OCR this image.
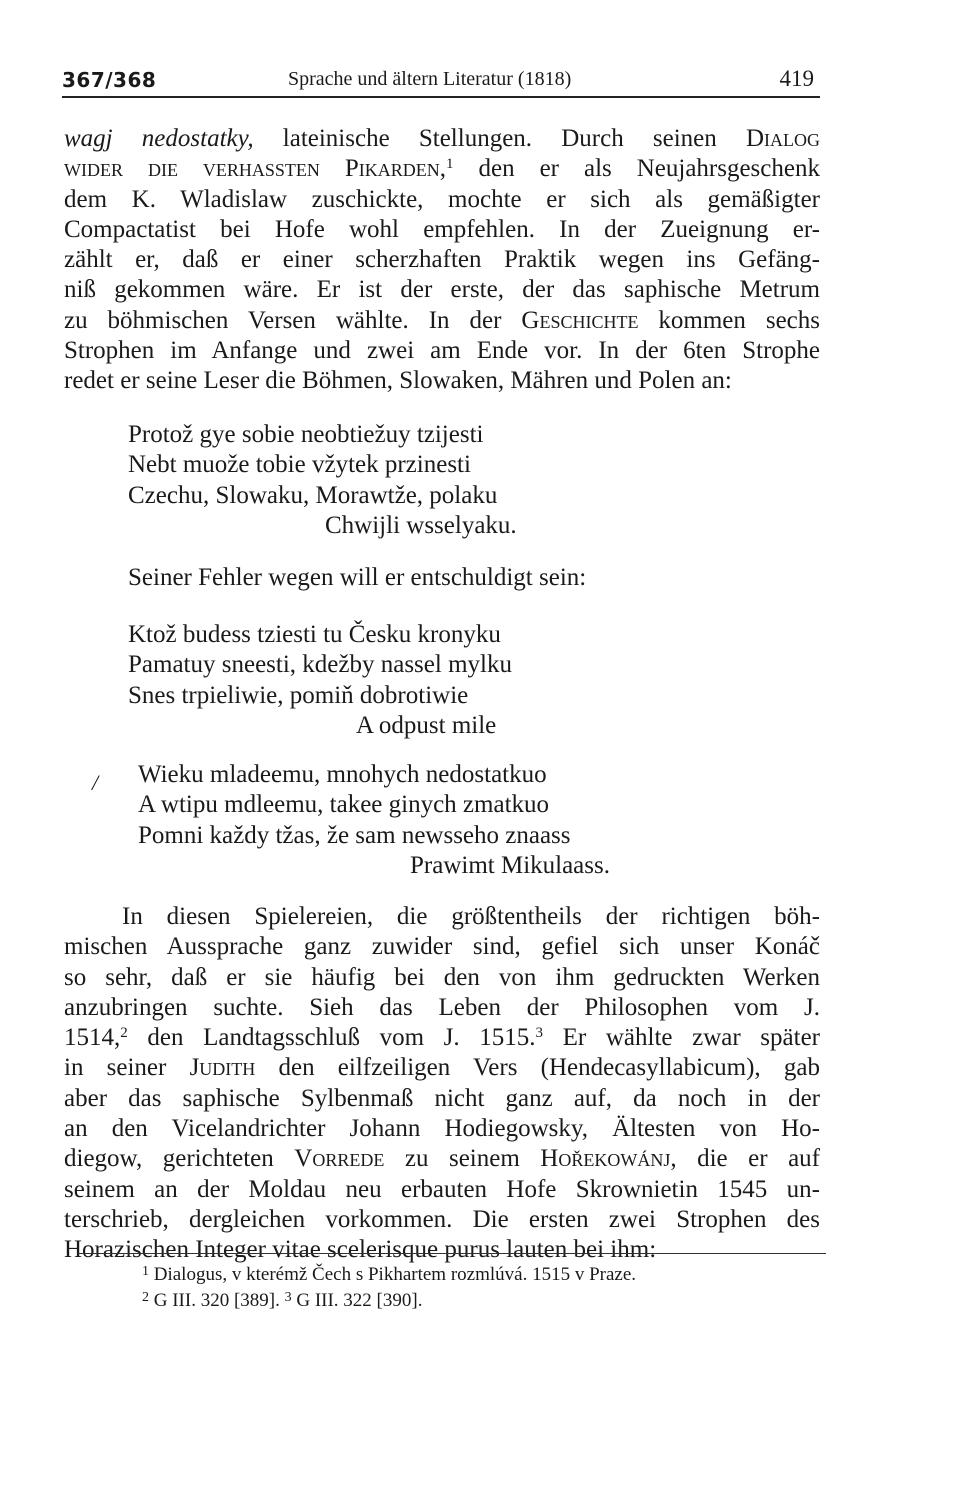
367/368	Sprache und ältern Literatur (1818)	419
wagj nedostatky, lateinische Stellungen. Durch seinen Dialog
wider die verhaßten Pikarden,$^1$ den er als Neujahrsgeschenk
dem K. Wladislaw zuschickte, mochte er sich als gemäßigter
Compactatist bei Hofe wohl empfehlen. In der Zueignung er-
zählt er, daß er einer scherzhaften Praktik wegen ins Gefäng-
niß gekommen wäre. Er ist der erste, der das saphische Metrum
zu böhmischen Versen wählte. In der Geschichte kommen sechs
Strophen im Anfange und zwei am Ende vor. In der 6ten Strophe
redet er seine Leser die Böhmen, Slowaken, Mähren und Polen an:
Protož gye sobie neobtiežuy tzijesti
Nebt muože tobie vžytek przinesti
Czechu, Slowaku, Morawtže, polaku
Chwijli wsselyaku.
Seiner Fehler wegen will er entschuldigt sein:
Ktož budess tziesti tu Česku kronyku
Pamatuy sneesti, kdežby nassel mylku
Snes trpieliwie, pomiň dobrotiwie
A odpust mile
/ Wieku mladeemu, mnohych nedostatkuo
A wtipu mdleemu, takee ginych zmatkuo
Pomni každy tžas, že sam newsseho znaass
Prawimt Mikulaass.
In diesen Spielereien, die größtentheils der richtigen böh-
mischen Aussprache ganz zuwider sind, gefiel sich unser Konáč
so sehr, daß er sie häufig bei den von ihm gedruckten Werken
anzubringen suchte. Sieh das Leben der Philosophen vom J.
1514,$^2$ den Landtagsschluß vom J. 1515.$^3$ Er wählte zwar später
in seiner Judith den eilfzeiligen Vers (Hendecasyllabicum), gab
aber das saphische Sylbenmaß nicht ganz auf, da noch in der
an den Vicelandrichter Johann Hodiegowsky, Ältesten von Ho-
diegow, gerichteten Vorrede zu seinem Hořekowánj, die er auf
seinem an der Moldau neu erbauten Hofe Skrownietin 1545 un-
terschrieb, dergleichen vorkommen. Die ersten zwei Strophen des
Horazischen Integer vitae scelerisque purus lauten bei ihm:
$^1$ Dialogus, v kterémž Čech s Pikhartem rozmlúvá. 1515 v Praze.
$^2$ G III. 320 [389]. $^3$ G III. 322 [390].
